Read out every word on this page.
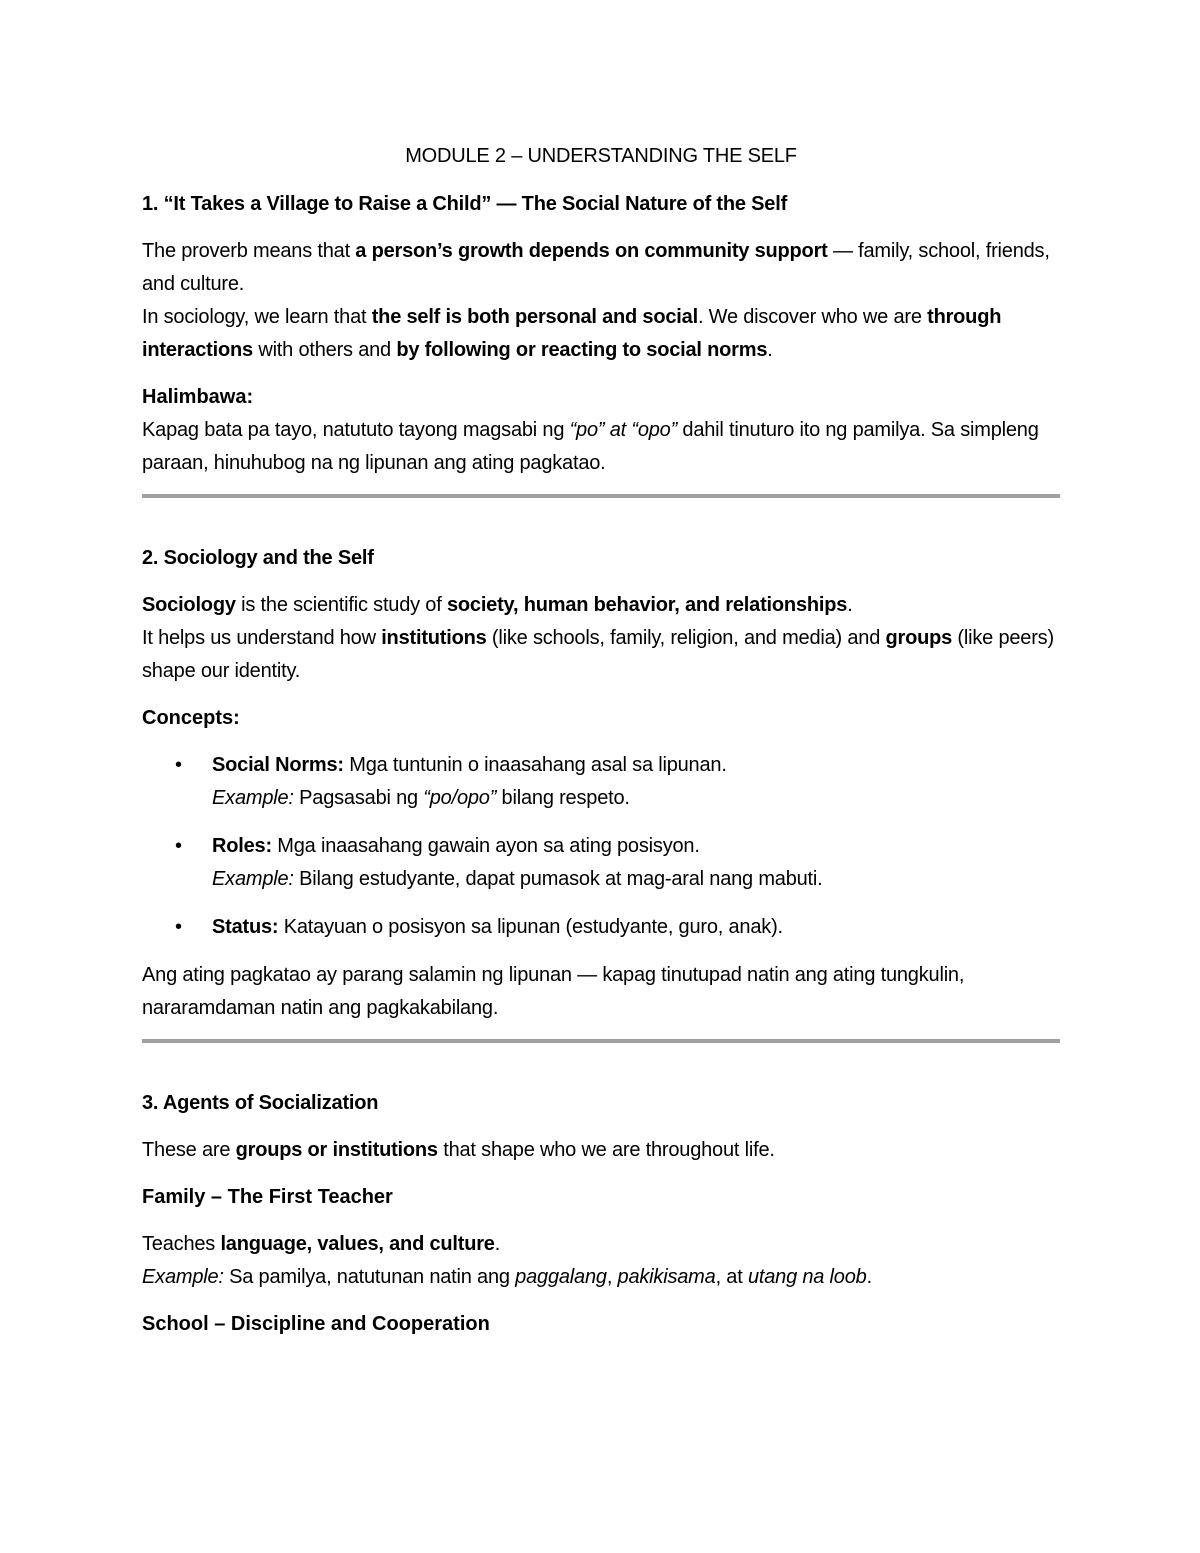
MODULE 2 – UNDERSTANDING THE SELF
1. “It Takes a Village to Raise a Child” — The Social Nature of the Self

The proverb means that a person’s growth depends on community support — family, school, friends, and culture.
In sociology, we learn that the self is both personal and social. We discover who we are through interactions with others and by following or reacting to social norms.

Halimbawa:

Kapag bata pa tayo, natututo tayong magsabi ng “po” at “opo” dahil tinuturo ito ng pamilya. Sa simpleng paraan, hinuhubog na ng lipunan ang ating pagkatao.

2. Sociology and the Self

Sociology is the scientific study of society, human behavior, and relationships.
It helps us understand how institutions (like schools, family, religion, and media) and groups (like peers) shape our identity.

Concepts:
• Social Norms: Mga tuntunin o inaasahang asal sa lipunan.
Example: Pagsasabi ng “po/opo” bilang respeto.
• Roles: Mga inaasahang gawain ayon sa ating posisyon.
Example: Bilang estudyante, dapat pumasok at mag-aral nang mabuti.
• Status: Katayuan o posisyon sa lipunan (estudyante, guro, anak).

Ang ating pagkatao ay parang salamin ng lipunan — kapag tinutupad natin ang ating tungkulin, nararamdaman natin ang pagkakabilang.

3. Agents of Socialization

These are groups or institutions that shape who we are throughout life.

Family – The First Teacher

Teaches language, values, and culture.
Example: Sa pamilya, natutunan natin ang paggalang, pakikisama, at utang na loob.

School – Discipline and Cooperation
